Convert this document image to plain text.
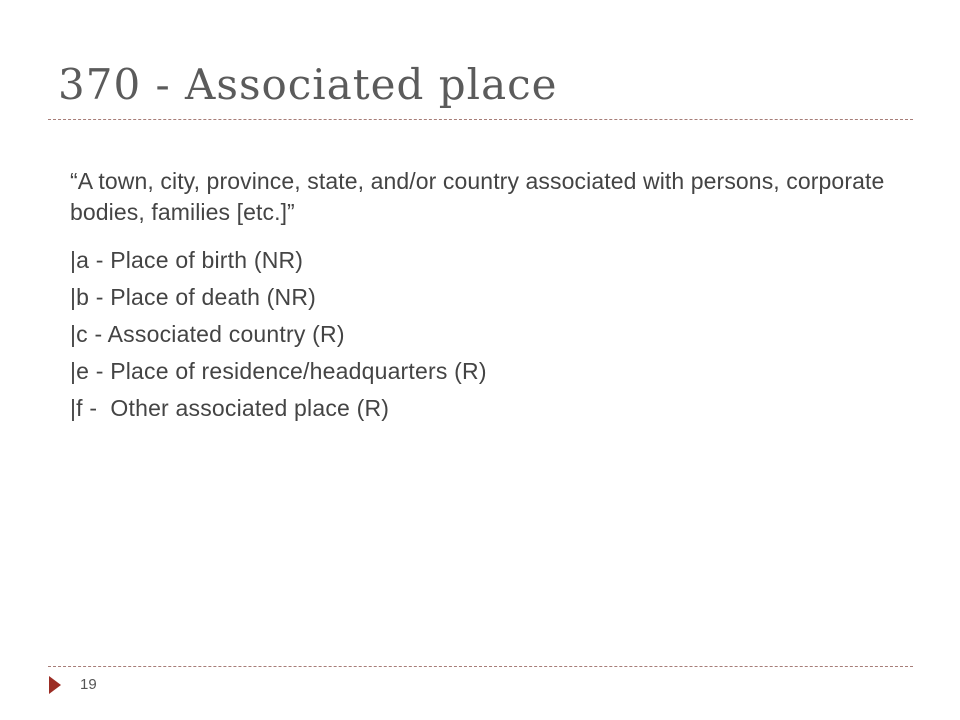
370 - Associated place

“A town, city, province, state, and/or country associated with persons, corporate bodies, families [etc.]”

|a - Place of birth (NR)
|b - Place of death (NR)
|c - Associated country (R)
|e - Place of residence/headquarters (R)
|f -  Other associated place (R)
19
